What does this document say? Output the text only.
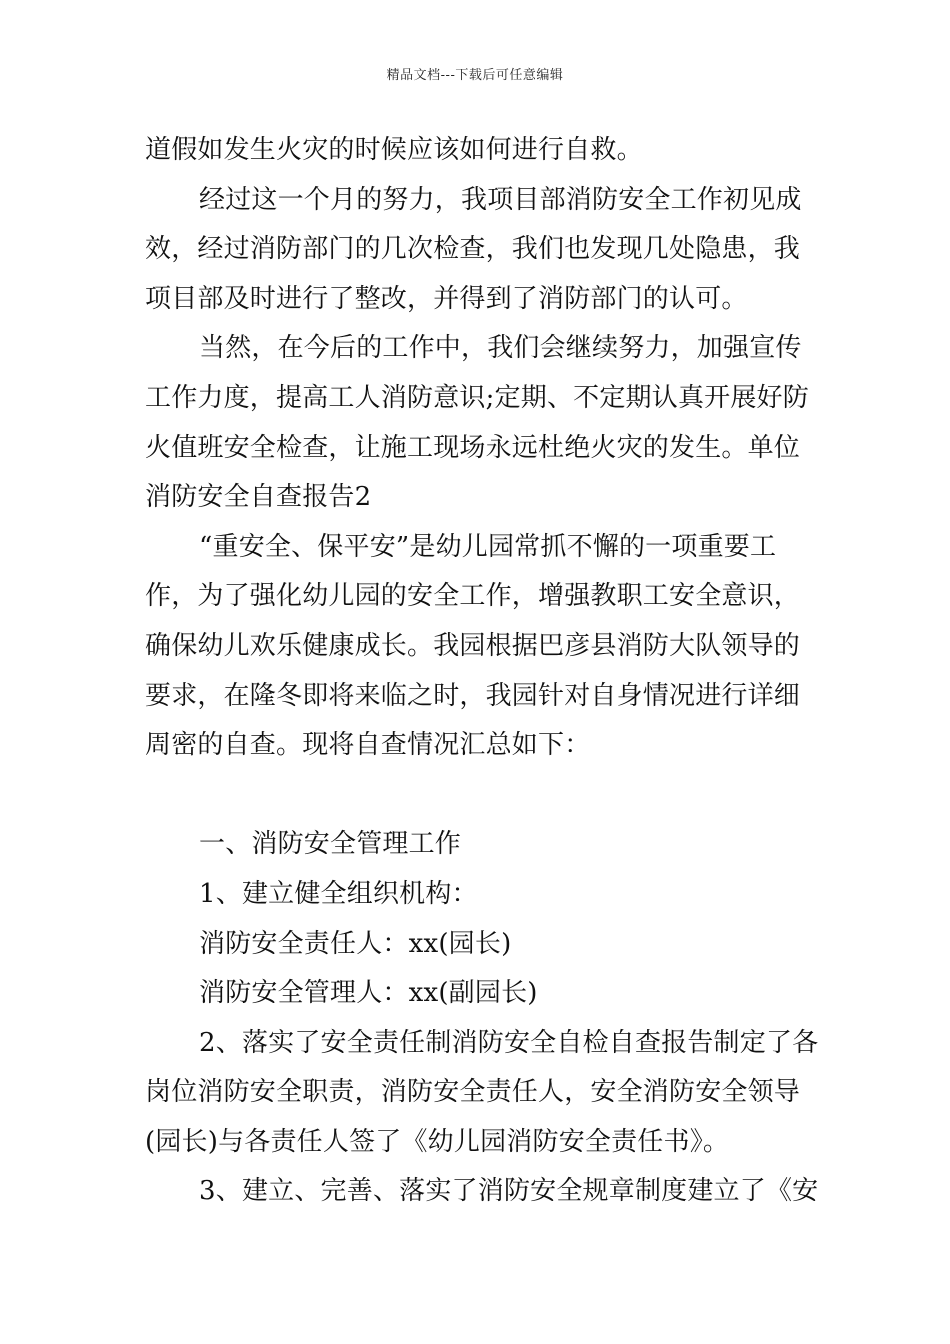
精品文档---下载后可任意编辑
道假如发生火灾的时候应该如何进行自救。
经过这一个月的努力，我项目部消防安全工作初见成
效，经过消防部门的几次检查，我们也发现几处隐患，我
项目部及时进行了整改，并得到了消防部门的认可。
当然，在今后的工作中，我们会继续努力，加强宣传
工作力度，提高工人消防意识;定期、不定期认真开展好防
火值班安全检查，让施工现场永远杜绝火灾的发生。单位
消防安全自查报告2
“重安全、保平安”是幼儿园常抓不懈的一项重要工
作，为了强化幼儿园的安全工作，增强教职工安全意识，
确保幼儿欢乐健康成长。我园根据巴彦县消防大队领导的
要求，在隆冬即将来临之时，我园针对自身情况进行详细
周密的自查。现将自查情况汇总如下：
一、消防安全管理工作
1、建立健全组织机构：
消防安全责任人：xx(园长)
消防安全管理人：xx(副园长)
2、落实了安全责任制消防安全自检自查报告制定了各
岗位消防安全职责，消防安全责任人，安全消防安全领导
(园长)与各责任人签了《幼儿园消防安全责任书》。
3、建立、完善、落实了消防安全规章制度建立了《安
